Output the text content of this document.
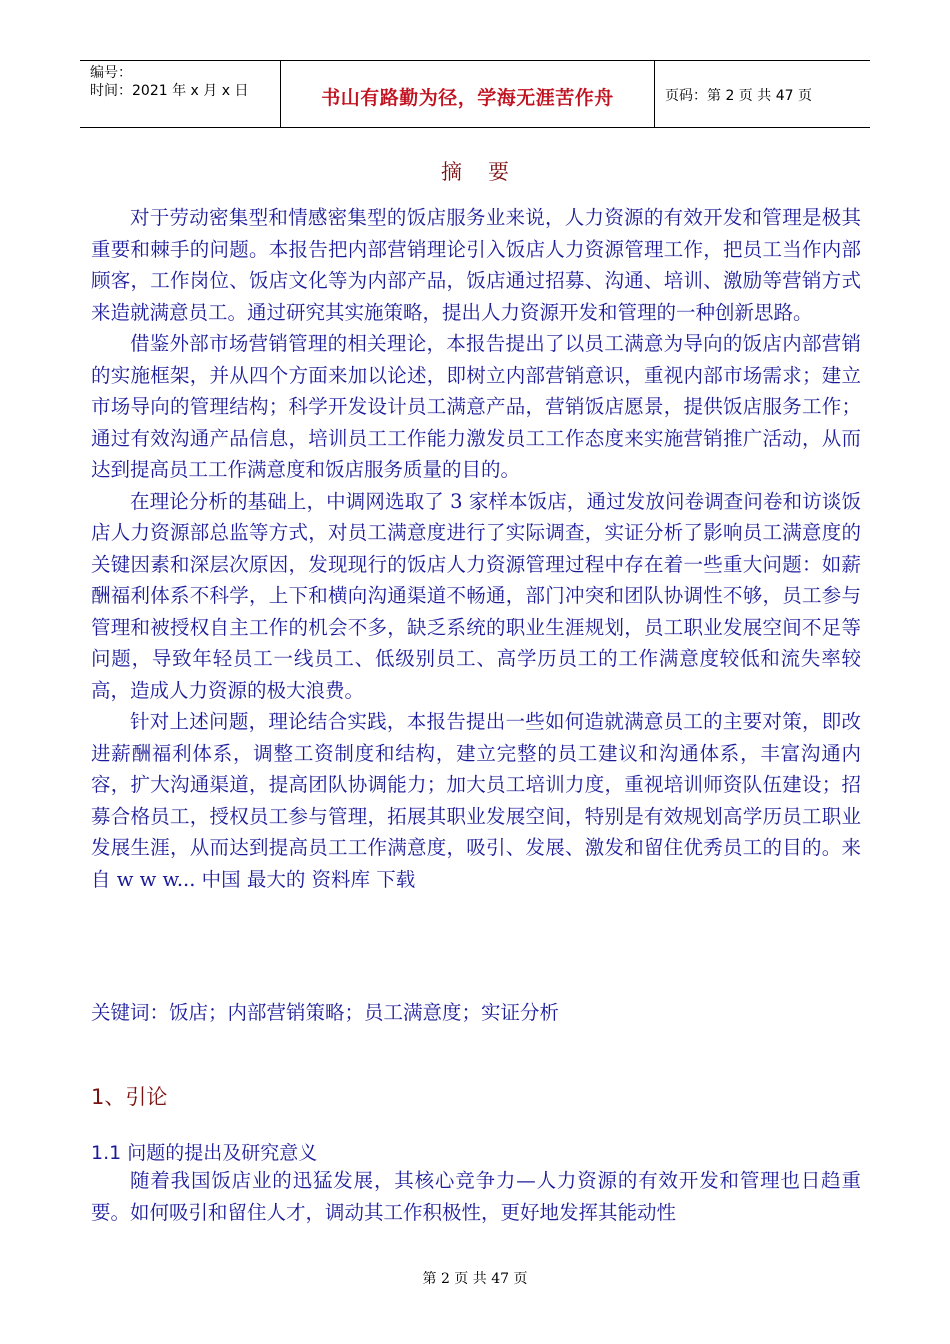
编号：
时间：2021 年 x 月 x 日	书山有路勤为径，学海无涯苦作舟	页码：第 2 页 共 47 页
摘要

对于劳动密集型和情感密集型的饭店服务业来说，人力资源的有效开发和管理是极其重要和棘手的问题。本报告把内部营销理论引入饭店人力资源管理工作，把员工当作内部顾客，工作岗位、饭店文化等为内部产品，饭店通过招募、沟通、培训、激励等营销方式来造就满意员工。通过研究其实施策略，提出人力资源开发和管理的一种创新思路。

借鉴外部市场营销管理的相关理论，本报告提出了以员工满意为导向的饭店内部营销的实施框架，并从四个方面来加以论述，即树立内部营销意识，重视内部市场需求；建立市场导向的管理结构；科学开发设计员工满意产品，营销饭店愿景，提供饭店服务工作；通过有效沟通产品信息，培训员工工作能力激发员工工作态度来实施营销推广活动，从而达到提高员工工作满意度和饭店服务质量的目的。

在理论分析的基础上，中调网选取了 3 家样本饭店，通过发放问卷调查问卷和访谈饭店人力资源部总监等方式，对员工满意度进行了实际调查，实证分析了影响员工满意度的关键因素和深层次原因，发现现行的饭店人力资源管理过程中存在着一些重大问题：如薪酬福利体系不科学，上下和横向沟通渠道不畅通，部门冲突和团队协调性不够，员工参与管理和被授权自主工作的机会不多，缺乏系统的职业生涯规划，员工职业发展空间不足等问题，导致年轻员工一线员工、低级别员工、高学历员工的工作满意度较低和流失率较高，造成人力资源的极大浪费。

针对上述问题，理论结合实践，本报告提出一些如何造就满意员工的主要对策，即改进薪酬福利体系，调整工资制度和结构，建立完整的员工建议和沟通体系，丰富沟通内容，扩大沟通渠道，提高团队协调能力；加大员工培训力度，重视培训师资队伍建设；招募合格员工，授权员工参与管理，拓展其职业发展空间，特别是有效规划高学历员工职业发展生涯，从而达到提高员工工作满意度，吸引、发展、激发和留住优秀员工的目的。来 自 w w w... 中国 最大的 资料库 下载

关键词：饭店；内部营销策略；员工满意度；实证分析
1、引论
1.1 问题的提出及研究意义

随着我国饭店业的迅猛发展，其核心竞争力—人力资源的有效开发和管理也日趋重要。如何吸引和留住人才，调动其工作积极性，更好地发挥其能动性

第 2 页 共 47 页
